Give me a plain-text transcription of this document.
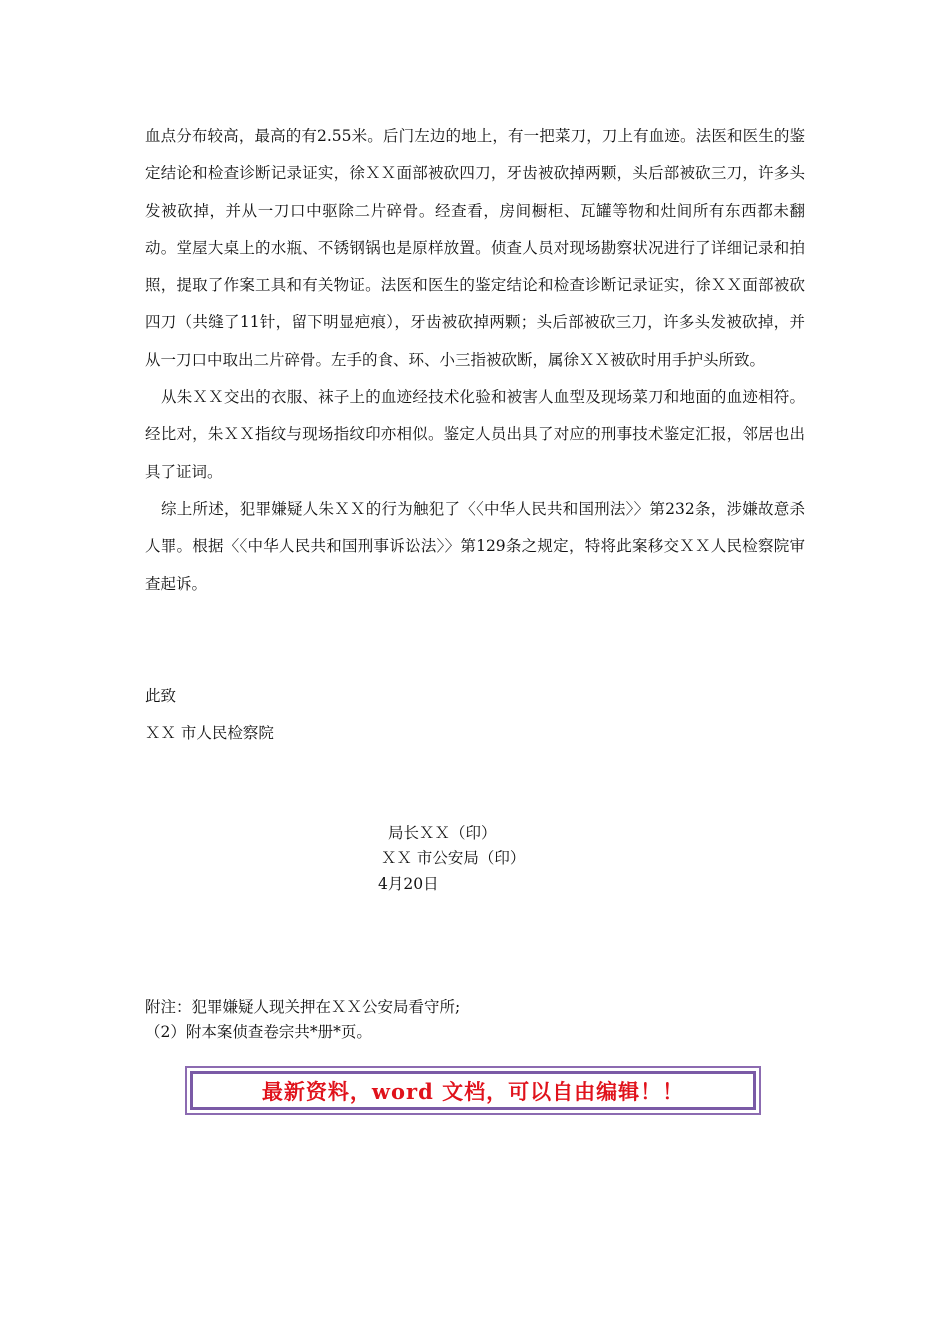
血点分布较高，最高的有2.55米。后门左边的地上，有一把菜刀，刀上有血迹。法医和医生的鉴定结论和检查诊断记录证实，徐ＸＸ面部被砍四刀，牙齿被砍掉两颗，头后部被砍三刀，许多头发被砍掉，并从一刀口中驱除二片碎骨。经查看，房间橱柜、瓦罐等物和灶间所有东西都未翻动。堂屋大桌上的水瓶、不锈钢锅也是原样放置。侦查人员对现场勘察状况进行了详细记录和拍照，提取了作案工具和有关物证。法医和医生的鉴定结论和检查诊断记录证实，徐ＸＸ面部被砍四刀（共缝了11针，留下明显疤痕），牙齿被砍掉两颗；头后部被砍三刀，许多头发被砍掉，并从一刀口中取出二片碎骨。左手的食、环、小三指被砍断，属徐ＸＸ被砍时用手护头所致。

从朱ＸＸ交出的衣服、袜子上的血迹经技术化验和被害人血型及现场菜刀和地面的血迹相符。经比对，朱ＸＸ指纹与现场指纹印亦相似。鉴定人员出具了对应的刑事技术鉴定汇报，邻居也出具了证词。

综上所述，犯罪嫌疑人朱ＸＸ的行为触犯了〈〈中华人民共和国刑法〉〉第232条，涉嫌故意杀人罪。根据〈〈中华人民共和国刑事诉讼法〉〉第129条之规定，特将此案移交ＸＸ人民检察院审查起诉。

此致
ＸＸ 市人民检察院
局长ＸＸ（印）
ＸＸ 市公安局（印）
4月20日
附注：犯罪嫌疑人现关押在ＸＸ公安局看守所;
（2）附本案侦查卷宗共*册*页。
最新资料，word 文档，可以自由编辑！！
